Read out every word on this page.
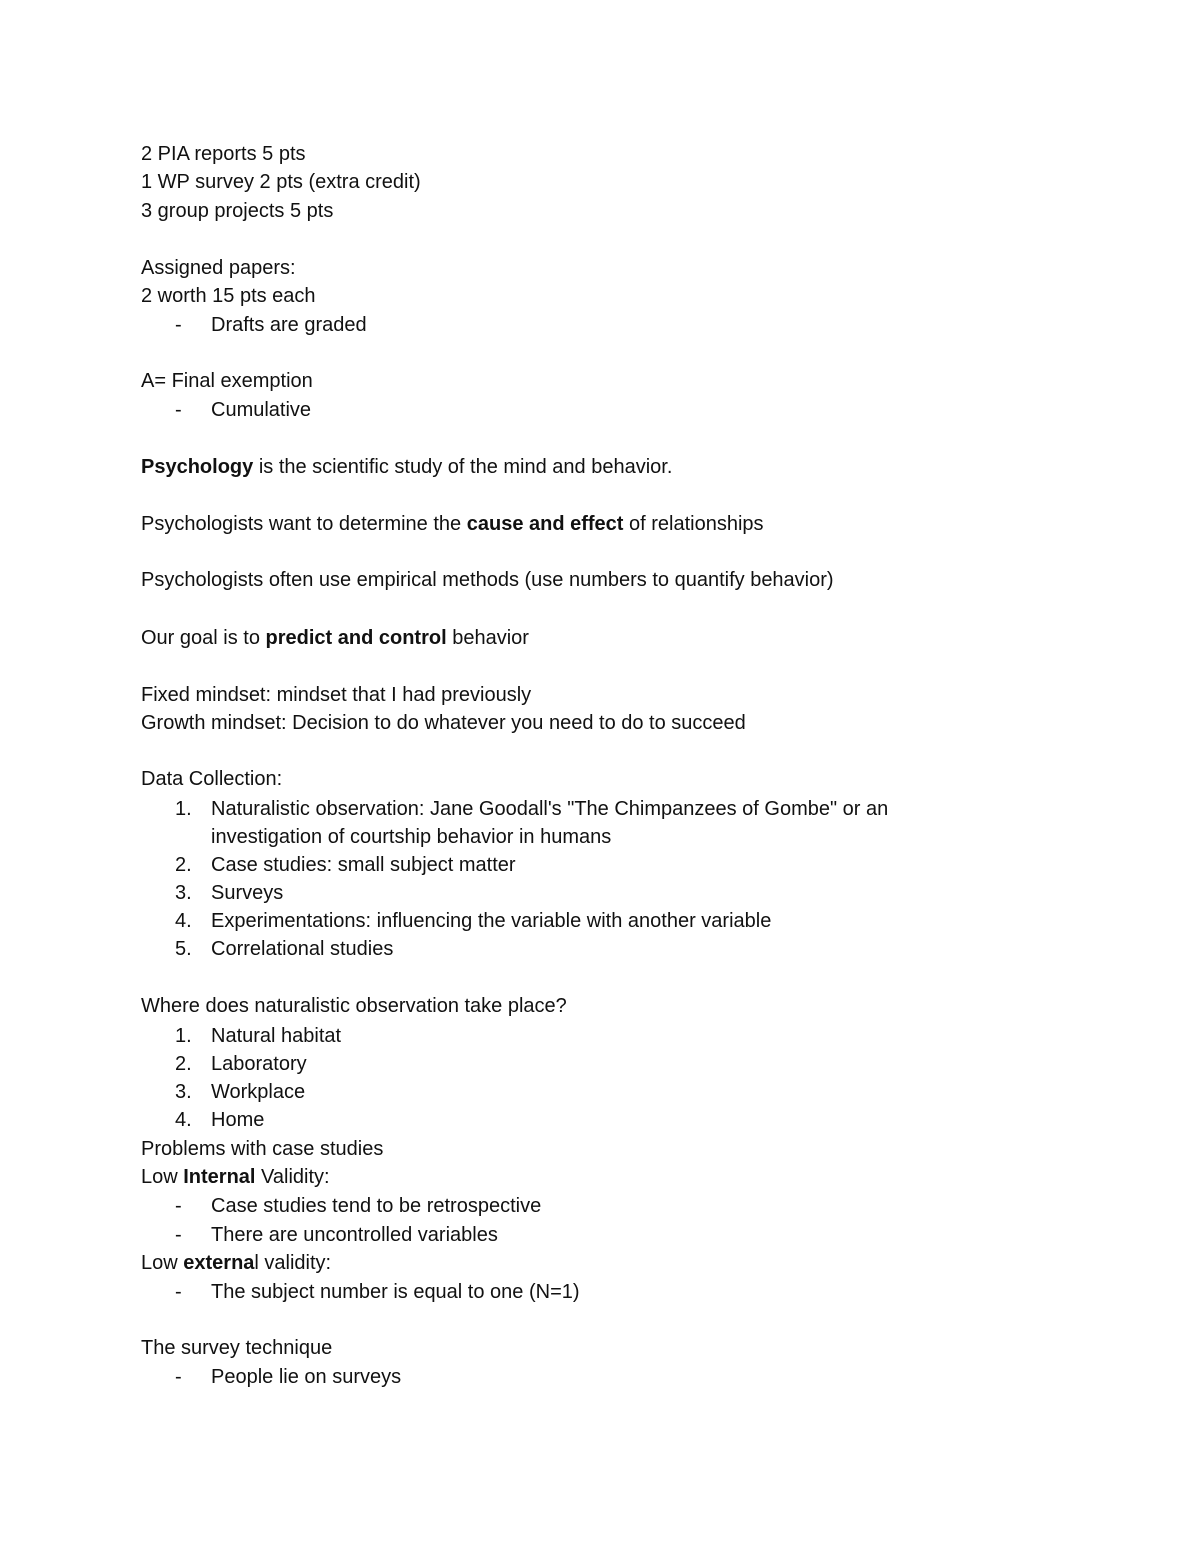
2 PIA reports 5 pts
1 WP survey 2 pts (extra credit)
3 group projects 5 pts
Assigned papers:
2 worth 15 pts each
-	Drafts are graded
A= Final exemption
-	Cumulative
Psychology is the scientific study of the mind and behavior.
Psychologists want to determine the cause and effect of relationships
Psychologists often use empirical methods (use numbers to quantify behavior)
Our goal is to predict and control behavior
Fixed mindset: mindset that I had previously
Growth mindset: Decision to do whatever you need to do to succeed
Data Collection:
1. Naturalistic observation: Jane Goodall's "The Chimpanzees of Gombe" or an
investigation of courtship behavior in humans
2. Case studies: small subject matter
3. Surveys
4. Experimentations: influencing the variable with another variable
5. Correlational studies
Where does naturalistic observation take place?
1. Natural habitat
2. Laboratory
3. Workplace
4. Home
Problems with case studies
Low Internal Validity:
-	Case studies tend to be retrospective
-	There are uncontrolled variables
Low external validity:
-	The subject number is equal to one (N=1)
The survey technique
-	People lie on surveys
